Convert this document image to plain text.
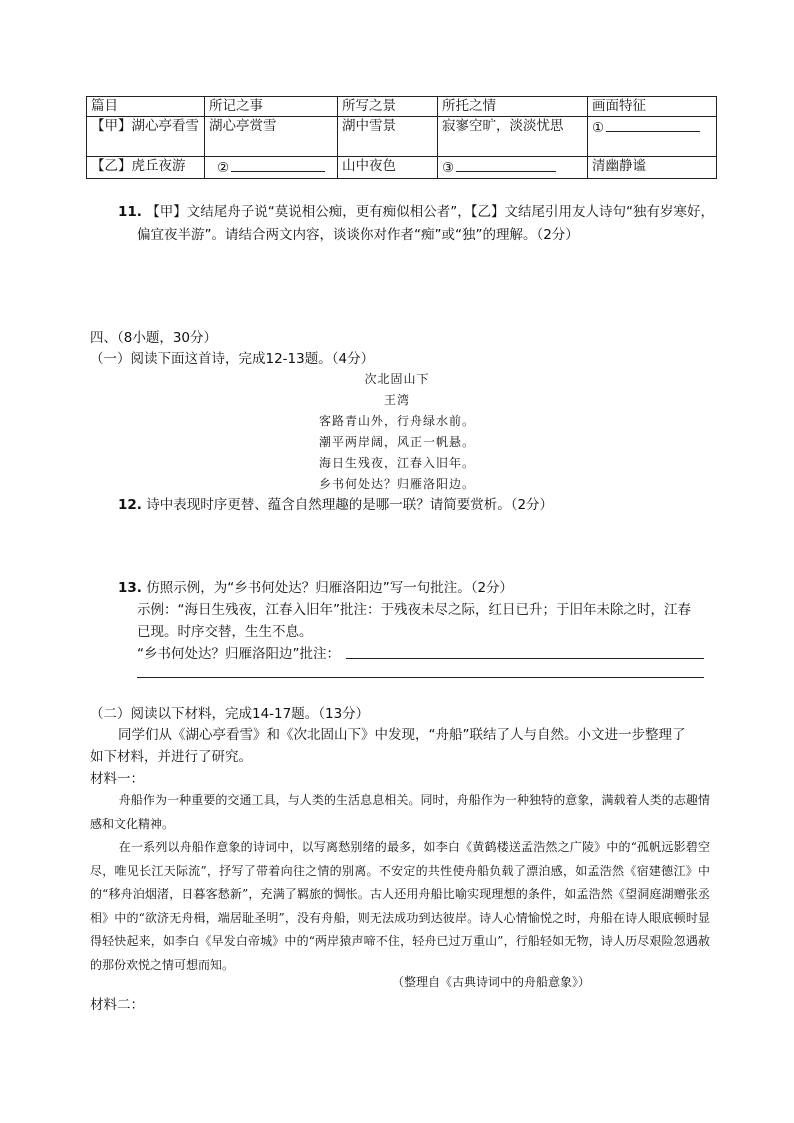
篇目	所记之事	所写之景	所托之情	画面特征
【甲】湖心亭看雪	湖心亭赏雪	湖中雪景	寂寥空旷，淡淡忧思	①
【乙】虎丘夜游	②	山中夜色	③	清幽静谧
11. 【甲】文结尾舟子说“莫说相公痴，更有痴似相公者”，【乙】文结尾引用友人诗句“独有岁寒好，
偏宜夜半游”。请结合两文内容，谈谈你对作者“痴”或“独”的理解。（2分）
四、（8小题，30分）
（一）阅读下面这首诗，完成12-13题。（4分）
次北固山下
王湾
客路青山外，行舟绿水前。
潮平两岸阔，风正一帆悬。
海日生残夜，江春入旧年。
乡书何处达？归雁洛阳边。
12. 诗中表现时序更替、蕴含自然理趣的是哪一联？请简要赏析。（2分）
13. 仿照示例，为“乡书何处达？归雁洛阳边”写一句批注。（2分）
示例：“海日生残夜，江春入旧年”批注：于残夜未尽之际，红日已升；于旧年未除之时，江春
已现。时序交替，生生不息。
“乡书何处达？归雁洛阳边”批注：
（二）阅读以下材料，完成14-17题。（13分）
同学们从《湖心亭看雪》和《次北固山下》中发现，“舟船”联结了人与自然。小文进一步整理了
如下材料，并进行了研究。
材料一：

舟船作为一种重要的交通工具，与人类的生活息息相关。同时，舟船作为一种独特的意象，满载着人类的志趣情感和文化精神。

在一系列以舟船作意象的诗词中，以写离愁别绪的最多，如李白《黄鹤楼送孟浩然之广陵》中的“孤帆远影碧空尽，唯见长江天际流”，抒写了带着向往之情的别离。不安定的共性使舟船负载了漂泊感，如孟浩然《宿建德江》中的“移舟泊烟渚，日暮客愁新”，充满了羁旅的惆怅。古人还用舟船比喻实现理想的条件，如孟浩然《望洞庭湖赠张丞相》中的“欲济无舟楫，端居耻圣明”，没有舟船，则无法成功到达彼岸。诗人心情愉悦之时，舟船在诗人眼底顿时显得轻快起来，如李白《早发白帝城》中的“两岸猿声啼不住，轻舟已过万重山”，行船轻如无物，诗人历尽艰险忽遇赦的那份欢悦之情可想而知。

（整理自《古典诗词中的舟船意象》）
材料二：
